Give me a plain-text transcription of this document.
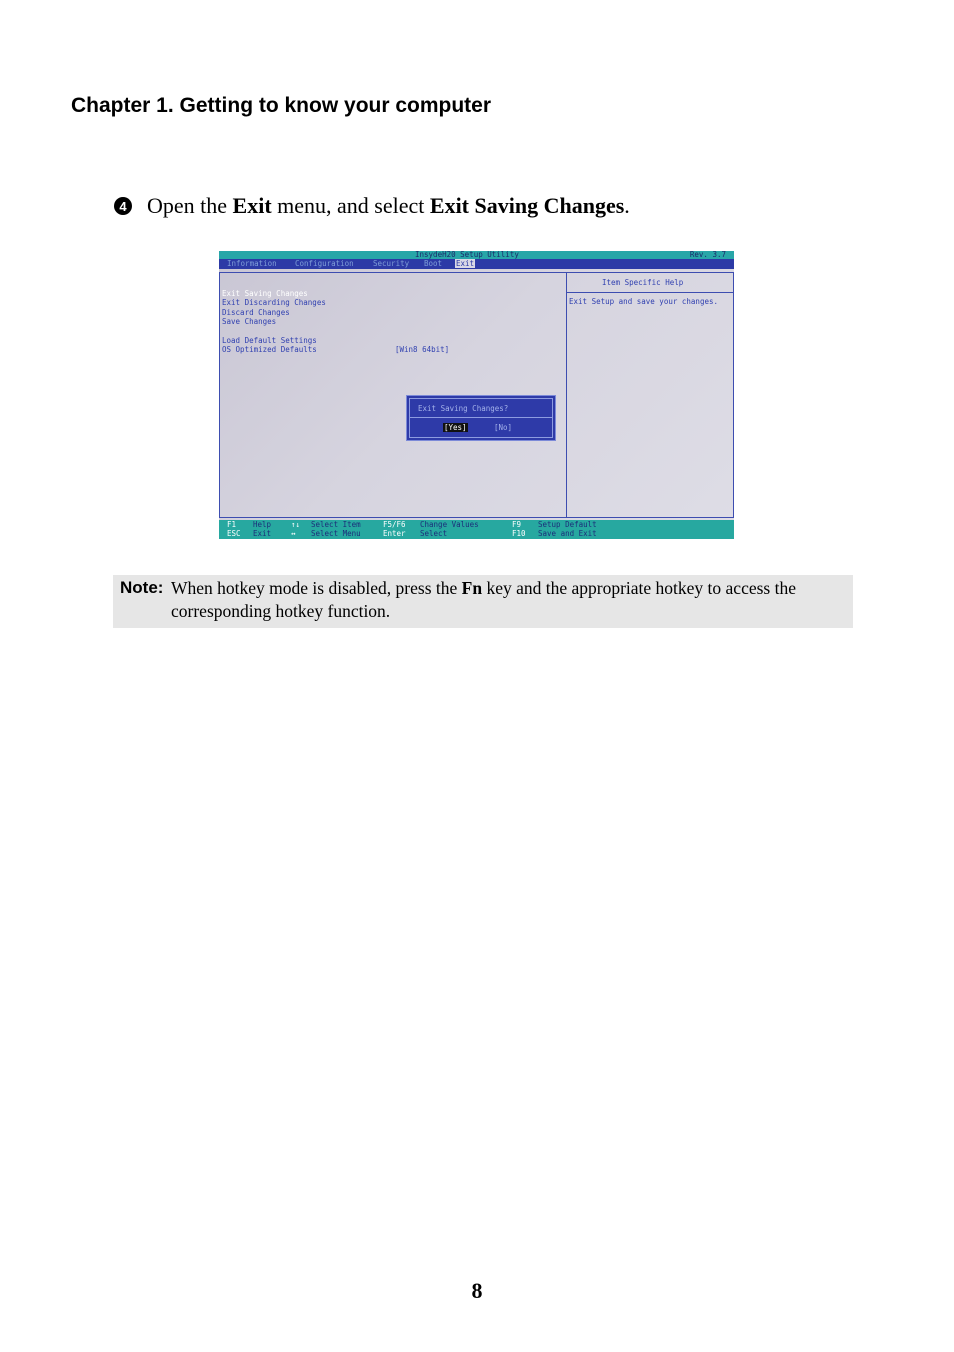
Chapter 1. Getting to know your computer
4 Open the Exit menu, and select Exit Saving Changes.
InsydeH20 Setup Utility	Rev. 3.7
Information Configuration	Security Boot Exit
Exit Saving Changes
Exit Discarding Changes
Discard Changes
Save Changes
Load Default Settings
OS Optimized Defaults	[Win8 64bit]
Exit Saving Changes?
[Yes]	[No]
Item Specific Help
Exit Setup and save your changes.
F1 Help	↑↓ Select Item	F5/F6 Change Values	F9 Setup Default
ESC Exit	↔ Select Menu	Enter Select	F10 Save and Exit
Note: When hotkey mode is disabled, press the Fn key and the appropriate hotkey to access the corresponding hotkey function.
8
